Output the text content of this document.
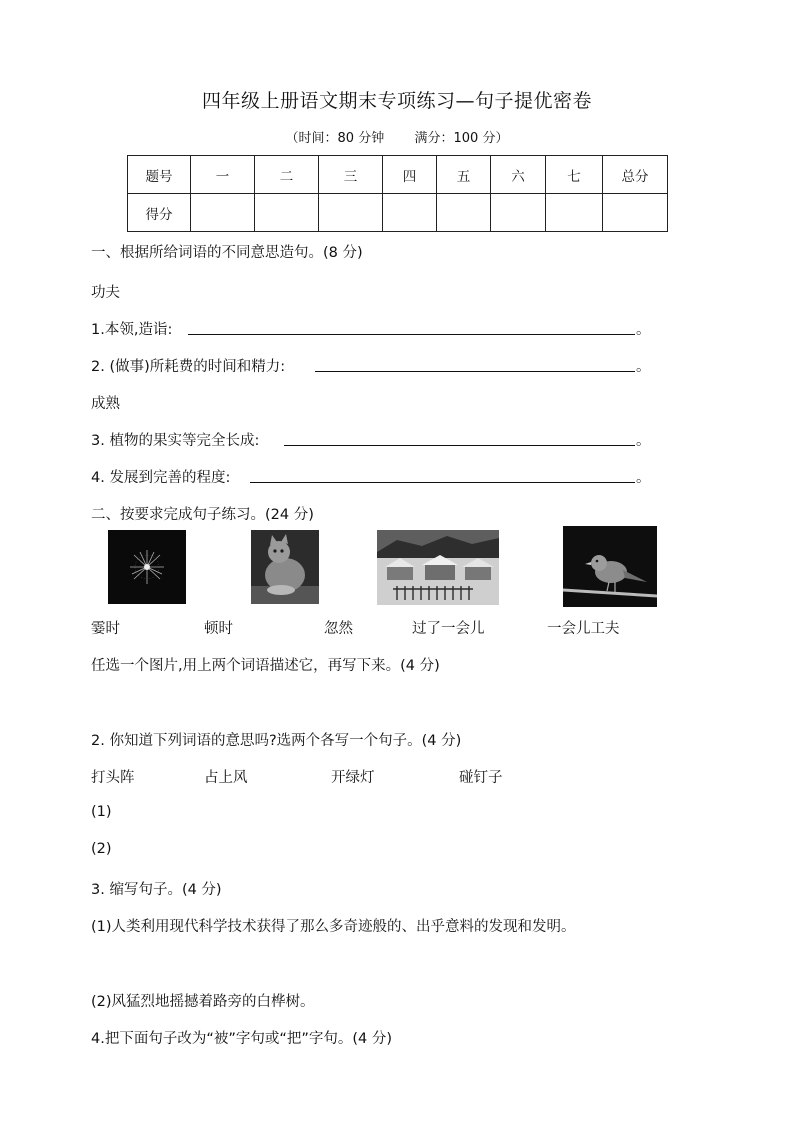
四年级上册语文期末专项练习—句子提优密卷
（时间：80 分钟 满分：100 分）
题号	一	二	三	四	五	六	七	总分
得分								
一、根据所给词语的不同意思造句。(8 分)
功夫
1.本领,造诣:	。
2. (做事)所耗费的时间和精力:	。
成熟
3. 植物的果实等完全长成:	。
4. 发展到完善的程度:	。
二、按要求完成句子练习。(24 分)
霎时	顿时	忽然	过了一会儿	一会儿工夫
任选一个图片,用上两个词语描述它，再写下来。(4 分)
2. 你知道下列词语的意思吗?选两个各写一个句子。(4 分)
打头阵	占上风	开绿灯	碰钉子
(1)
(2)
3. 缩写句子。(4 分)
(1)人类利用现代科学技术获得了那么多奇迹般的、出乎意料的发现和发明。
(2)风猛烈地摇撼着路旁的白桦树。
4.把下面句子改为“被”字句或“把”字句。(4 分)
